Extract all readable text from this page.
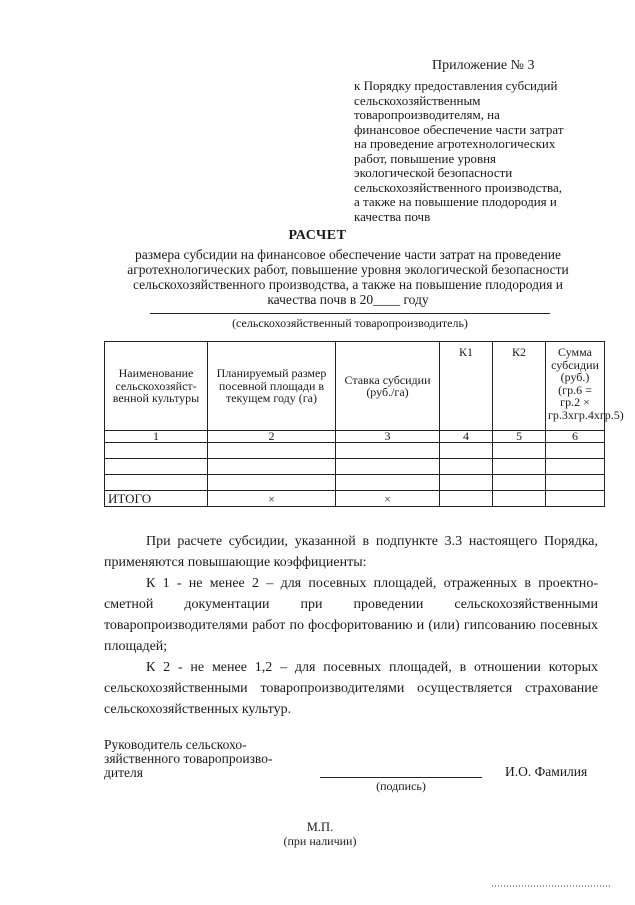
Приложение № 3
к Порядку предоставления субсидий
сельскохозяйственным
товаропроизводителям, на
финансовое обеспечение части затрат
на проведение агротехнологических
работ, повышение уровня
экологической безопасности
сельскохозяйственного производства,
а также на повышение плодородия и
качества почв
РАСЧЕТ
размера субсидии на финансовое обеспечение части затрат на проведение
агротехнологических работ, повышение уровня экологической безопасности
сельскохозяйственного производства, а также на повышение плодородия и
качества почв в 20____ году
(сельскохозяйственный товаропроизводитель)
Наименование сельскохозяйст- венной культуры	Планируемый размер посевной площади в текущем году (га)	Ставка субсидии (руб./га)	К1	К2	Сумма субсидии (руб.) (гр.6 = гр.2 × гр.3хгр.4хгр.5)
1	2	3	4	5	6

ИТОГО	×	×			

При расчете субсидии, указанной в подпункте 3.3 настоящего Порядка, применяются повышающие коэффициенты:

К 1 - не менее 2 – для посевных площадей, отраженных в проектно-сметной документации при проведении сельскохозяйственными товаропроизводителями работ по фосфоритованию и (или) гипсованию посевных площадей;

К 2 - не менее 1,2 – для посевных площадей, в отношении которых сельскохозяйственными товаропроизводителями осуществляется страхование сельскохозяйственных культур.

Руководитель сельскохо-
зяйственного товаропроизво-
дителя
(подпись)
И.О. Фамилия
М.П.
(при наличии)
